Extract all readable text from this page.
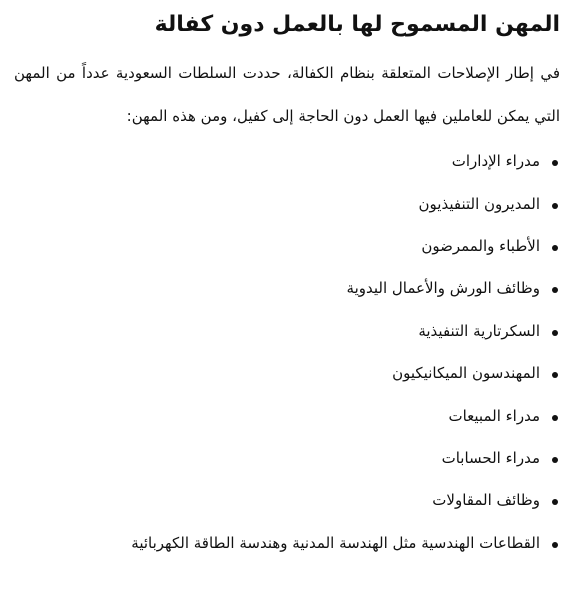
المهن المسموح لها بالعمل دون كفالة

في إطار الإصلاحات المتعلقة بنظام الكفالة، حددت السلطات السعودية عدداً من المهن التي يمكن للعاملين فيها العمل دون الحاجة إلى كفيل، ومن هذه المهن:

مدراء الإدارات
المديرون التنفيذيون
الأطباء والممرضون
وظائف الورش والأعمال اليدوية
السكرتارية التنفيذية
المهندسون الميكانيكيون
مدراء المبيعات
مدراء الحسابات
وظائف المقاولات
القطاعات الهندسية مثل الهندسة المدنية وهندسة الطاقة الكهربائية
